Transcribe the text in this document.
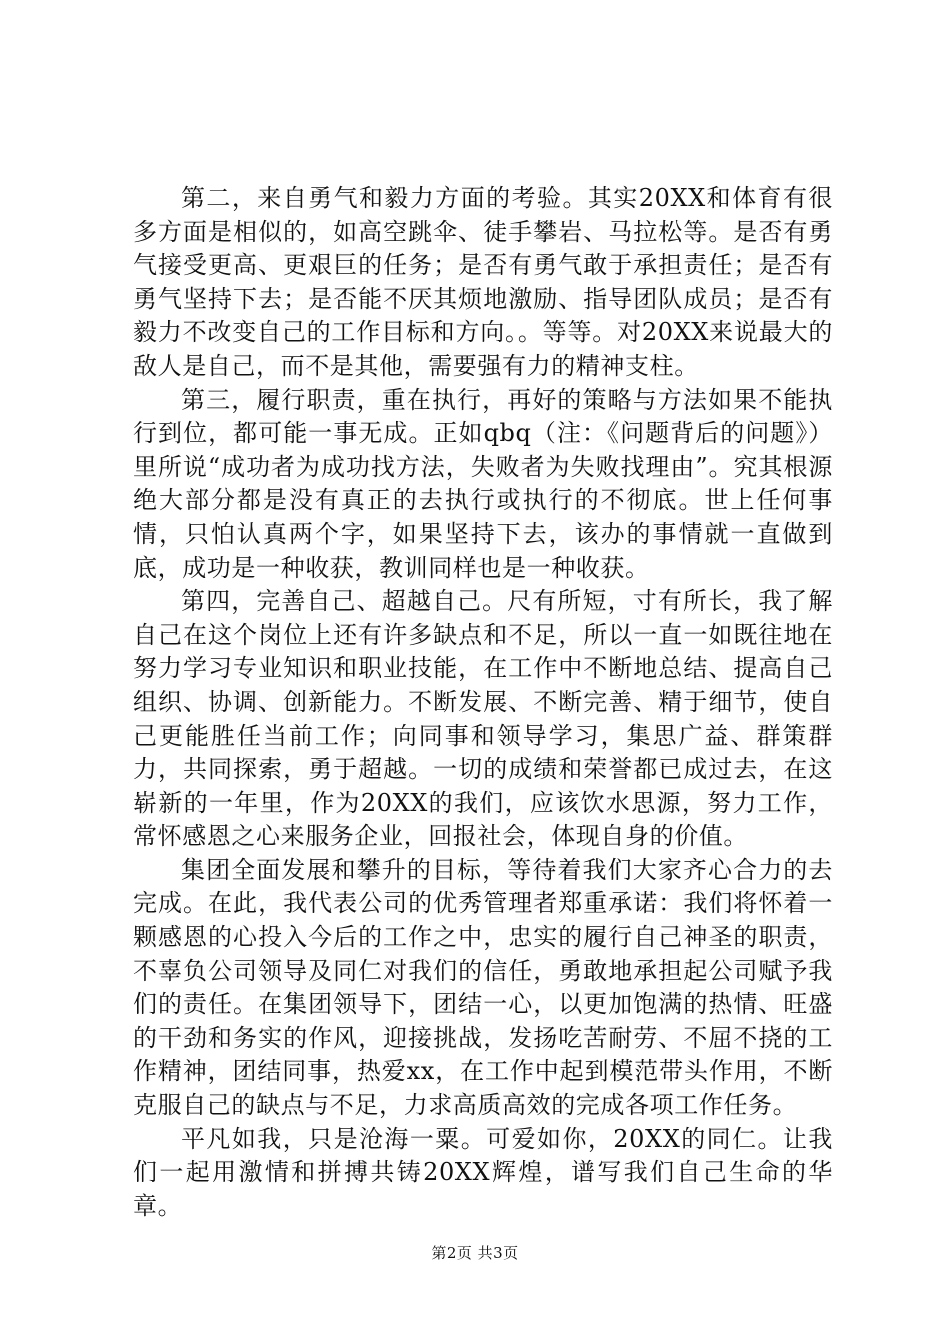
第二，来自勇气和毅力方面的考验。其实20XX和体育有很多方面是相似的，如高空跳伞、徒手攀岩、马拉松等。是否有勇气接受更高、更艰巨的任务；是否有勇气敢于承担责任；是否有勇气坚持下去；是否能不厌其烦地激励、指导团队成员；是否有毅力不改变自己的工作目标和方向。。等等。对20XX来说最大的敌人是自己，而不是其他，需要强有力的精神支柱。

第三，履行职责，重在执行，再好的策略与方法如果不能执行到位，都可能一事无成。正如qbq（注：《问题背后的问题》）里所说“成功者为成功找方法，失败者为失败找理由”。究其根源绝大部分都是没有真正的去执行或执行的不彻底。世上任何事情，只怕认真两个字，如果坚持下去，该办的事情就一直做到底，成功是一种收获，教训同样也是一种收获。

第四，完善自己、超越自己。尺有所短，寸有所长，我了解自己在这个岗位上还有许多缺点和不足，所以一直一如既往地在努力学习专业知识和职业技能，在工作中不断地总结、提高自己组织、协调、创新能力。不断发展、不断完善、精于细节，使自己更能胜任当前工作；向同事和领导学习，集思广益、群策群力，共同探索，勇于超越。一切的成绩和荣誉都已成过去，在这崭新的一年里，作为20XX的我们，应该饮水思源，努力工作，常怀感恩之心来服务企业，回报社会，体现自身的价值。

集团全面发展和攀升的目标，等待着我们大家齐心合力的去完成。在此，我代表公司的优秀管理者郑重承诺：我们将怀着一颗感恩的心投入今后的工作之中，忠实的履行自己神圣的职责，不辜负公司领导及同仁对我们的信任，勇敢地承担起公司赋予我们的责任。在集团领导下，团结一心，以更加饱满的热情、旺盛的干劲和务实的作风，迎接挑战，发扬吃苦耐劳、不屈不挠的工作精神，团结同事，热爱xx，在工作中起到模范带头作用，不断克服自己的缺点与不足，力求高质高效的完成各项工作任务。

平凡如我，只是沧海一粟。可爱如你，20XX的同仁。让我们一起用激情和拼搏共铸20XX辉煌，谱写我们自己生命的华章。

第2页 共3页
